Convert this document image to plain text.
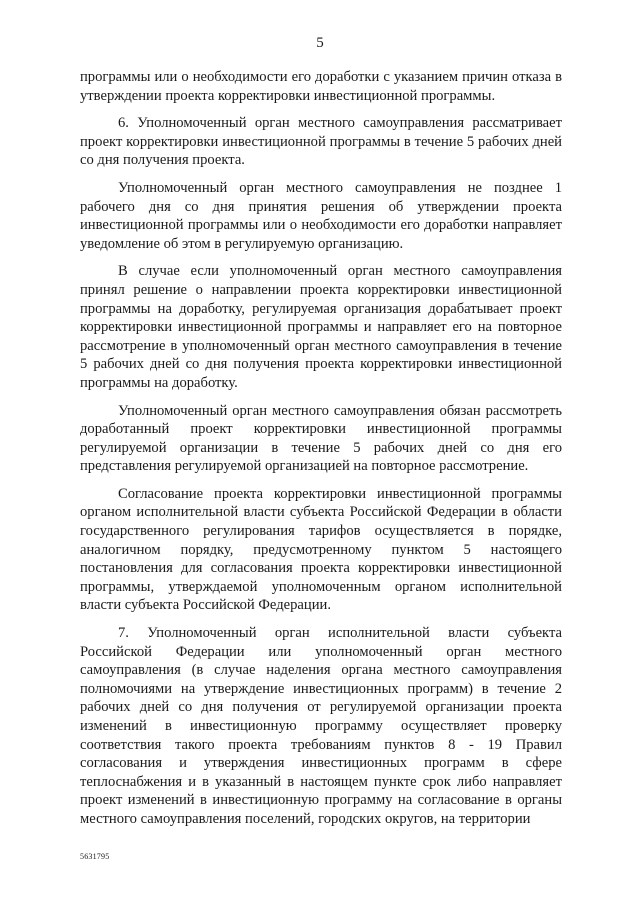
5

программы или о необходимости его доработки с указанием причин отказа в утверждении проекта корректировки инвестиционной программы.

6. Уполномоченный орган местного самоуправления рассматривает проект корректировки инвестиционной программы в течение 5 рабочих дней со дня получения проекта.

Уполномоченный орган местного самоуправления не позднее 1 рабочего дня со дня принятия решения об утверждении проекта инвестиционной программы или о необходимости его доработки направляет уведомление об этом в регулируемую организацию.

В случае если уполномоченный орган местного самоуправления принял решение о направлении проекта корректировки инвестиционной программы на доработку, регулируемая организация дорабатывает проект корректировки инвестиционной программы и направляет его на повторное рассмотрение в уполномоченный орган местного самоуправления в течение 5 рабочих дней со дня получения проекта корректировки инвестиционной программы на доработку.

Уполномоченный орган местного самоуправления обязан рассмотреть доработанный проект корректировки инвестиционной программы регулируемой организации в течение 5 рабочих дней со дня его представления регулируемой организацией на повторное рассмотрение.

Согласование проекта корректировки инвестиционной программы органом исполнительной власти субъекта Российской Федерации в области государственного регулирования тарифов осуществляется в порядке, аналогичном порядку, предусмотренному пунктом 5 настоящего постановления для согласования проекта корректировки инвестиционной программы, утверждаемой уполномоченным органом исполнительной власти субъекта Российской Федерации.

7. Уполномоченный орган исполнительной власти субъекта Российской Федерации или уполномоченный орган местного самоуправления (в случае наделения органа местного самоуправления полномочиями на утверждение инвестиционных программ) в течение 2 рабочих дней со дня получения от регулируемой организации проекта изменений в инвестиционную программу осуществляет проверку соответствия такого проекта требованиям пунктов 8 - 19 Правил согласования и утверждения инвестиционных программ в сфере теплоснабжения и в указанный в настоящем пункте срок либо направляет проект изменений в инвестиционную программу на согласование в органы местного самоуправления поселений, городских округов, на территории

5631795
